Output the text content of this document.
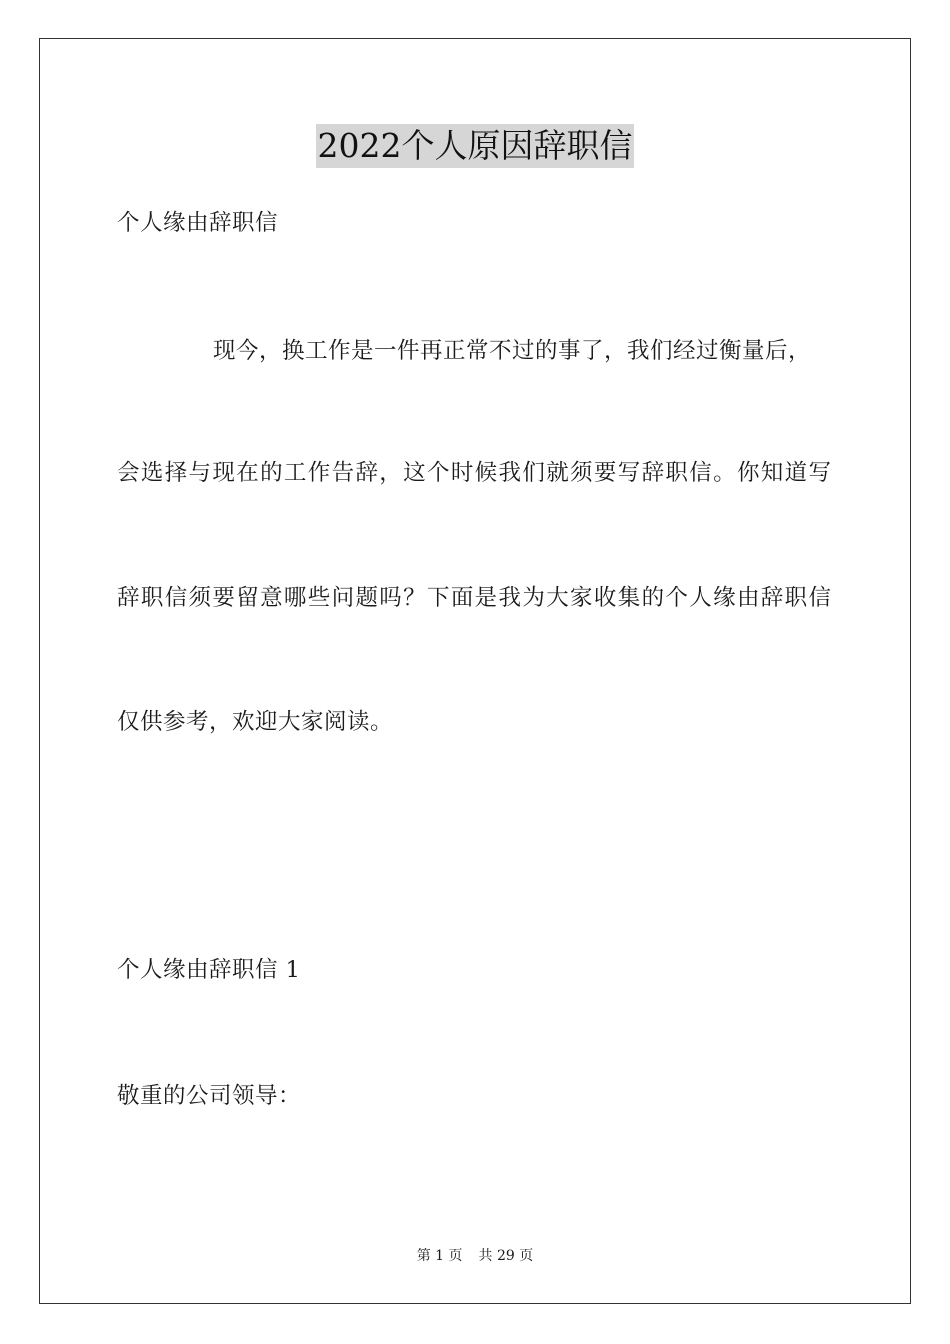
2022个人原因辞职信
个人缘由辞职信
现今，换工作是一件再正常不过的事了，我们经过衡量后，
会选择与现在的工作告辞，这个时候我们就须要写辞职信。你知道写
辞职信须要留意哪些问题吗？下面是我为大家收集的个人缘由辞职信
仅供参考，欢迎大家阅读。
个人缘由辞职信 1
敬重的公司领导：
第 1 页 共 29 页
